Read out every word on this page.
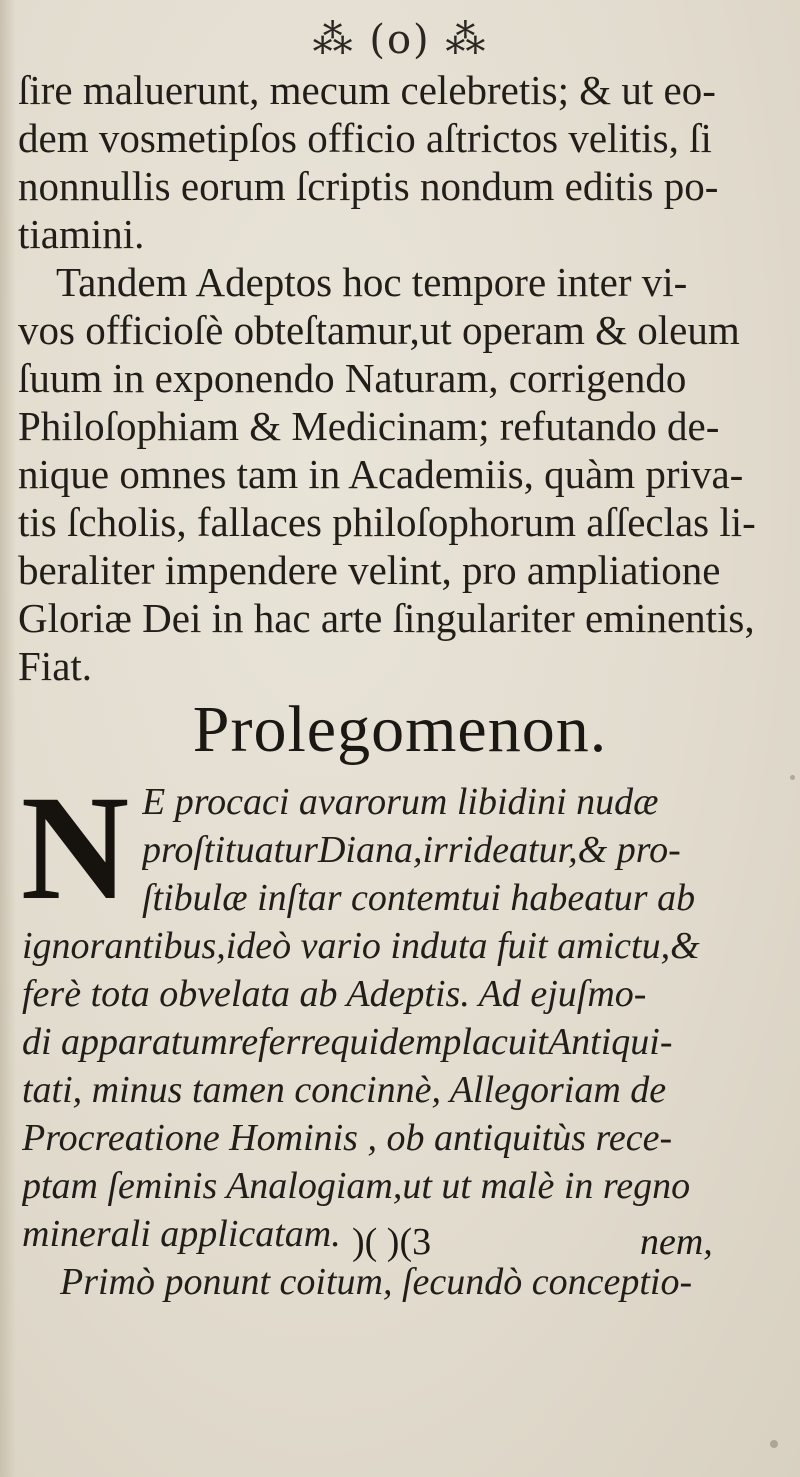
⁂ (o) ⁂
ſire maluerunt, mecum celebretis; & ut eo-
dem vosmetipſos officio aſtrictos velitis, ſi
nonnullis eorum ſcriptis nondum editis po-
tiamini.
Tandem Adeptos hoc tempore inter vi-
vos officioſè obteſtamur,ut operam & oleum
ſuum in exponendo Naturam, corrigendo
Philoſophiam & Medicinam; refutando de-
nique omnes tam in Academiis, quàm priva-
tis ſcholis, fallaces philoſophorum aſſeclas li-
beraliter impendere velint, pro ampliatione
Gloriæ Dei in hac arte ſingulariter eminentis,
Fiat.
Prolegomenon.
N E procaci avarorum libidini nudæ
proſtituaturDiana,irrideatur,& pro-
ſtibulæ inſtar contemtui habeatur ab
ignorantibus,ideò vario induta fuit amictu,&
ferè tota obvelata ab Adeptis. Ad ejuſmo-
di apparatumreferrequidemplacuitAntiqui-
tati, minus tamen concinnè, Allegoriam de
Procreatione Hominis , ob antiquitùs rece-
ptam ſeminis Analogiam,ut ut malè in regno
minerali applicatam.
Primò ponunt coitum, ſecundò conceptio-
)( )(3	nem,
